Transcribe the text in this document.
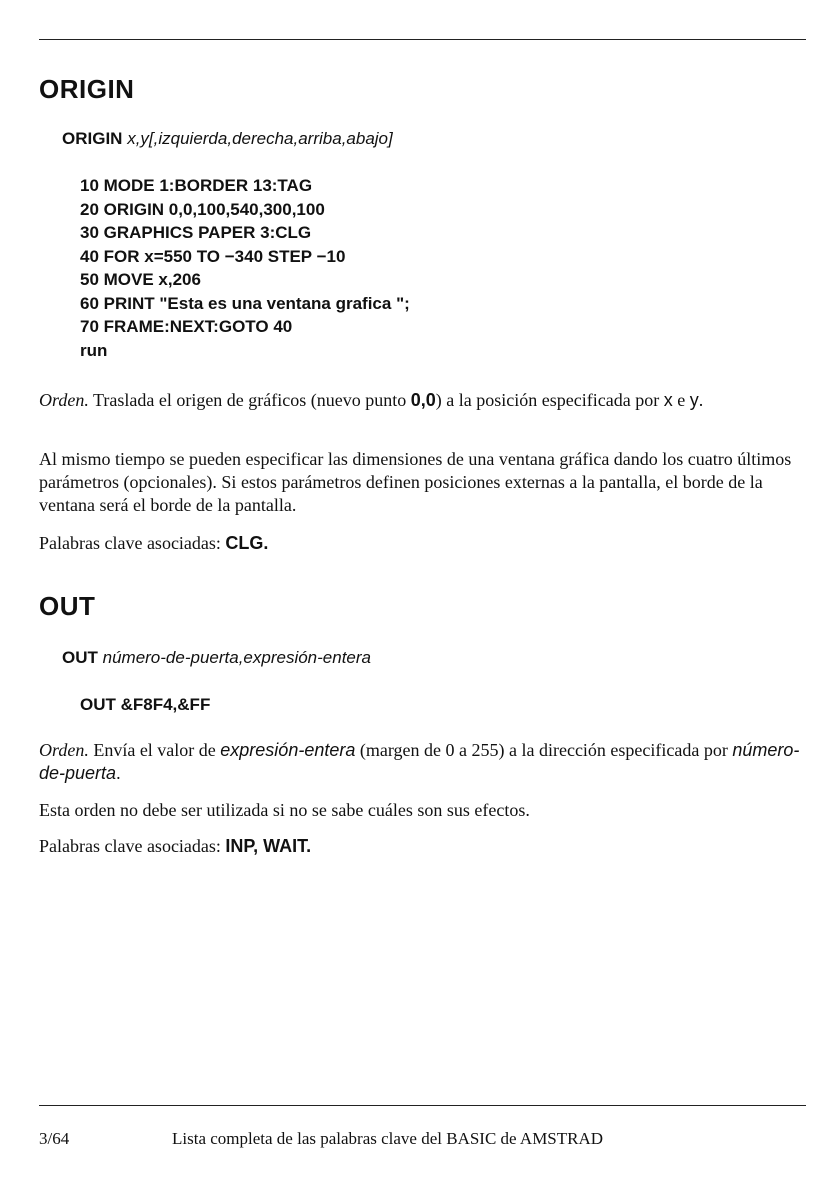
ORIGIN
ORIGIN x,y[,izquierda,derecha,arriba,abajo]
10 MODE 1:BORDER 13:TAG
20 ORIGIN 0,0,100,540,300,100
30 GRAPHICS PAPER 3:CLG
40 FOR x=550 TO −340 STEP −10
50 MOVE x,206
60 PRINT "Esta es una ventana grafica ";
70 FRAME:NEXT:GOTO 40
run

Orden. Traslada el origen de gráficos (nuevo punto 0,0) a la posición especificada por x e y.

Al mismo tiempo se pueden especificar las dimensiones de una ventana gráfica dando los cuatro últimos parámetros (opcionales). Si estos parámetros definen posiciones externas a la pantalla, el borde de la ventana será el borde de la pantalla.

Palabras clave asociadas: CLG.

OUT
OUT número-de-puerta,expresión-entera
OUT &F8F4,&FF

Orden. Envía el valor de expresión-entera (margen de 0 a 255) a la dirección especificada por número-de-puerta.

Esta orden no debe ser utilizada si no se sabe cuáles son sus efectos.

Palabras clave asociadas: INP, WAIT.

3/64	Lista completa de las palabras clave del BASIC de AMSTRAD
